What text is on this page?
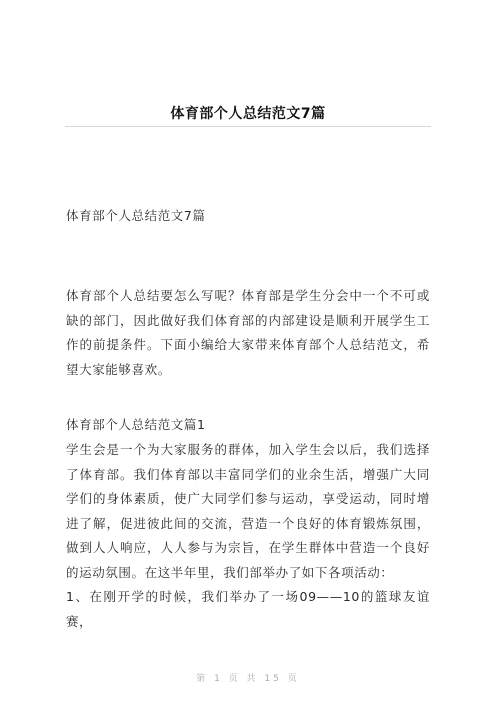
体育部个人总结范文7篇

体育部个人总结范文7篇

体育部个人总结要怎么写呢？体育部是学生分会中一个不可或缺的部门，因此做好我们体育部的内部建设是顺利开展学生工作的前提条件。下面小编给大家带来体育部个人总结范文，希望大家能够喜欢。

体育部个人总结范文篇1

学生会是一个为大家服务的群体，加入学生会以后，我们选择了体育部。我们体育部以丰富同学们的业余生活，增强广大同学们的身体素质，使广大同学们参与运动，享受运动，同时增进了解，促进彼此间的交流，营造一个良好的体育锻炼氛围，做到人人响应，人人参与为宗旨，在学生群体中营造一个良好的运动氛围。在这半年里，我们部举办了如下各项活动：

1、在刚开学的时候，我们举办了一场09——10的篮球友谊赛，

第 1 页 共 15 页
